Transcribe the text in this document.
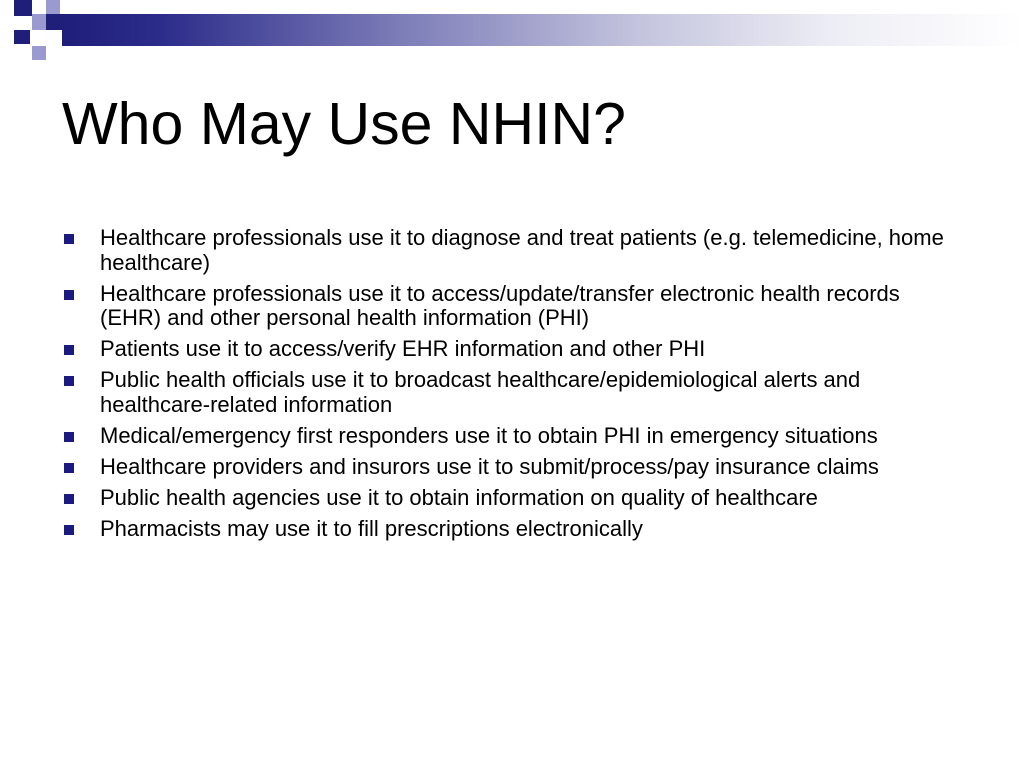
Who May Use NHIN?
Healthcare professionals use it to diagnose and treat patients (e.g. telemedicine, home healthcare)
Healthcare professionals use it to access/update/transfer electronic health records (EHR) and other personal health information (PHI)
Patients use it to access/verify EHR information and other PHI
Public health officials use it to broadcast healthcare/epidemiological alerts and healthcare-related information
Medical/emergency first responders use it to obtain PHI in emergency situations
Healthcare providers and insurors use it to submit/process/pay insurance claims
Public health agencies use it to obtain information on quality of healthcare
Pharmacists may use it to fill prescriptions electronically
